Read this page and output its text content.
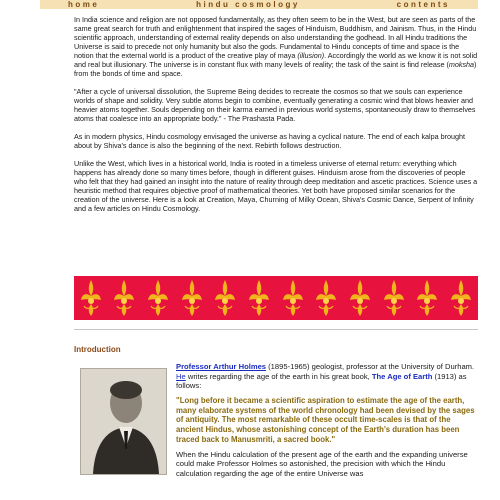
home	hindu cosmology	contents

In India science and religion are not opposed fundamentally, as they often seem to be in the West, but are seen as parts of the same great search for truth and enlightenment that inspired the sages of Hinduism, Buddhism, and Jainism. Thus, in the Hindu scientific approach, understanding of external reality depends on also understanding the godhead. In all Hindu traditions the Universe is said to precede not only humanity but also the gods. Fundamental to Hindu concepts of time and space is the notion that the external world is a product of the creative play of maya (illusion). Accordingly the world as we know it is not solid and real but illusionary. The universe is in constant flux with many levels of reality; the task of the saint is find release (moksha) from the bonds of time and space.

"After a cycle of universal dissolution, the Supreme Being decides to recreate the cosmos so that we souls can experience worlds of shape and solidity. Very subtle atoms begin to combine, eventually generating a cosmic wind that blows heavier and heavier atoms together. Souls depending on their karma earned in previous world systems, spontaneously draw to themselves atoms that coalesce into an appropriate body." - The Prashasta Pada.

As in modern physics, Hindu cosmology envisaged the universe as having a cyclical nature. The end of each kalpa brought about by Shiva's dance is also the beginning of the next. Rebirth follows destruction.

Unlike the West, which lives in a historical world, India is rooted in a timeless universe of eternal return: everything which happens has already done so many times before, though in different guises. Hinduism arose from the discoveries of people who felt that they had gained an insight into the nature of reality through deep meditation and ascetic practices. Science uses a heuristic method that requires objective proof of mathematical theories. Yet both have proposed similar scenarios for the creation of the universe. Here is a look at Creation, Maya, Churning of Milky Ocean, Shiva's Cosmic Dance, Serpent of Infinity and a few articles on Hindu Cosmology.

Introduction

Professor Arthur Holmes (1895-1965) geologist, professor at the University of Durham. He writes regarding the age of the earth in his great book, The Age of Earth (1913) as follows:

"Long before it became a scientific aspiration to estimate the age of the earth, many elaborate systems of the world chronology had been devised by the sages of antiquity. The most remarkable of these occult time-scales is that of the ancient Hindus, whose astonishing concept of the Earth's duration has been traced back to Manusmriti, a sacred book."

When the Hindu calculation of the present age of the earth and the expanding universe could make Professor Holmes so astonished, the precision with which the Hindu calculation regarding the age of the entire Universe was
